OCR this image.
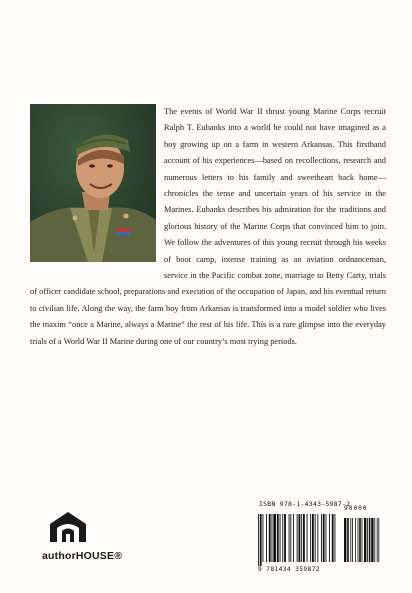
The events of World War II thrust young Marine Corps recruit Ralph T. Eubanks into a world he could not have imagined as a boy growing up on a farm in western Arkansas. This firsthand account of his experiences—based on recollections, research and numerous letters to his family and sweetheart back home—chronicles the tense and uncertain years of his service in the Marines. Eubanks describes his admiration for the traditions and glorious history of the Marine Corps that convinced him to join. We follow the adventures of this young recruit through his weeks of boot camp, intense training as an aviation ordnanceman, service in the Pacific combat zone, marriage to Betty Carty, trials of officer candidate school, preparations and execution of the occupation of Japan, and his eventual return to civilian life. Along the way, the farm boy from Arkansas is transformed into a model soldier who lives the maxim “once a Marine, always a Marine” the rest of his life. This is a rare glimpse into the everyday trials of a World War II Marine during one of our country’s most trying periods.
authorHOUSE®
ISBN 978-1-4343-5987-2
90000
9 781434 359872
